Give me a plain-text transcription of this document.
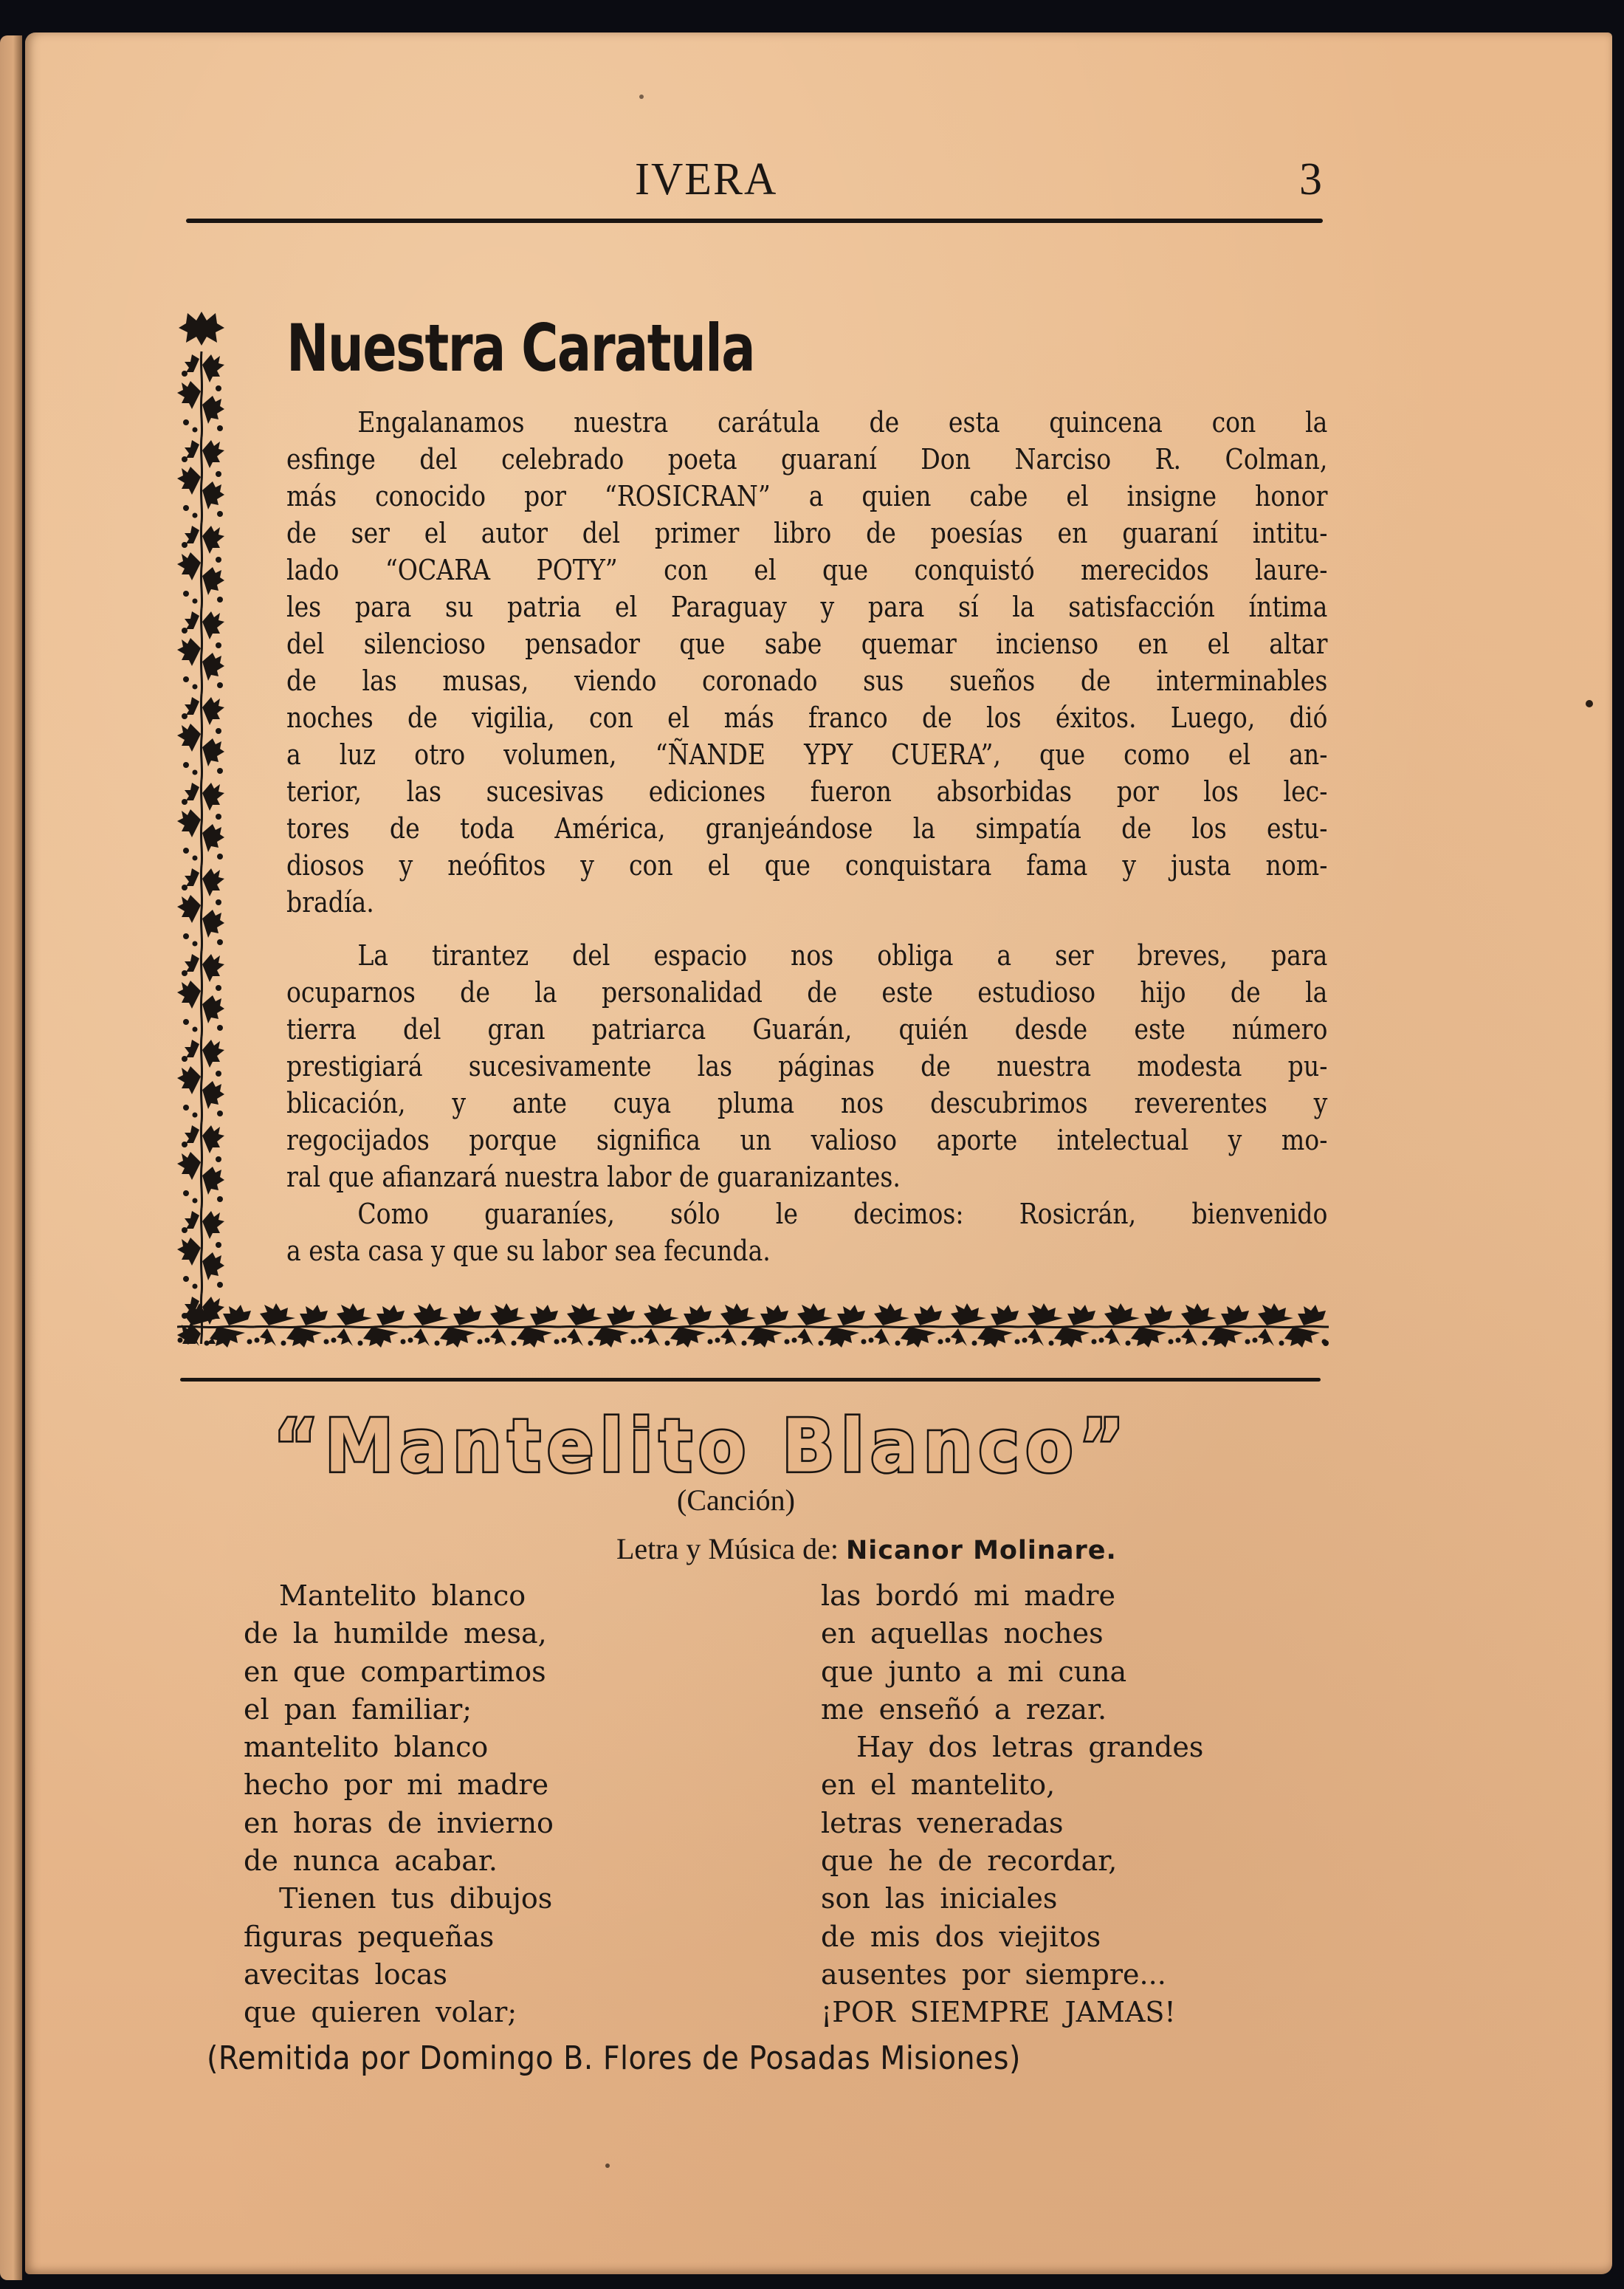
IVERA	3
Nuestra Caratula

Engalanamos nuestra carátula de esta quincena con la
esfinge del celebrado poeta guaraní Don Narciso R. Colman,
más conocido por “ROSICRAN” a quien cabe el insigne honor
de ser el autor del primer libro de poesías en guaraní intitu-
lado “OCARA POTY” con el que conquistó merecidos laure-
les para su patria el Paraguay y para sí la satisfacción íntima
del silencioso pensador que sabe quemar incienso en el altar
de las musas, viendo coronado sus sueños de interminables
noches de vigilia, con el más franco de los éxitos. Luego, dió
a luz otro volumen, “ÑANDE YPY CUERA”, que como el an-
terior, las sucesivas ediciones fueron absorbidas por los lec-
tores de toda América, granjeándose la simpatía de los estu-
diosos y neófitos y con el que conquistara fama y justa nom-
bradía.

La tirantez del espacio nos obliga a ser breves, para
ocuparnos de la personalidad de este estudioso hijo de la
tierra del gran patriarca Guarán, quién desde este número
prestigiará sucesivamente las páginas de nuestra modesta pu-
blicación, y ante cuya pluma nos descubrimos reverentes y
regocijados porque significa un valioso aporte intelectual y mo-
ral que afianzará nuestra labor de guaranizantes.

Como guaraníes, sólo le decimos: Rosicrán, bienvenido
a esta casa y que su labor sea fecunda.

“Mantelito Blanco”
(Canción)
Letra y Música de: Nicanor Molinare.
Mantelito blanco
de la humilde mesa,
en que compartimos
el pan familiar;
mantelito blanco
hecho por mi madre
en horas de invierno
de nunca acabar.
Tienen tus dibujos
figuras pequeñas
avecitas locas
que quieren volar;
las bordó mi madre
en aquellas noches
que junto a mi cuna
me enseñó a rezar.
Hay dos letras grandes
en el mantelito,
letras veneradas
que he de recordar,
son las iniciales
de mis dos viejitos
ausentes por siempre...
¡POR SIEMPRE JAMAS!
(Remitida por Domingo B. Flores de Posadas Misiones)
